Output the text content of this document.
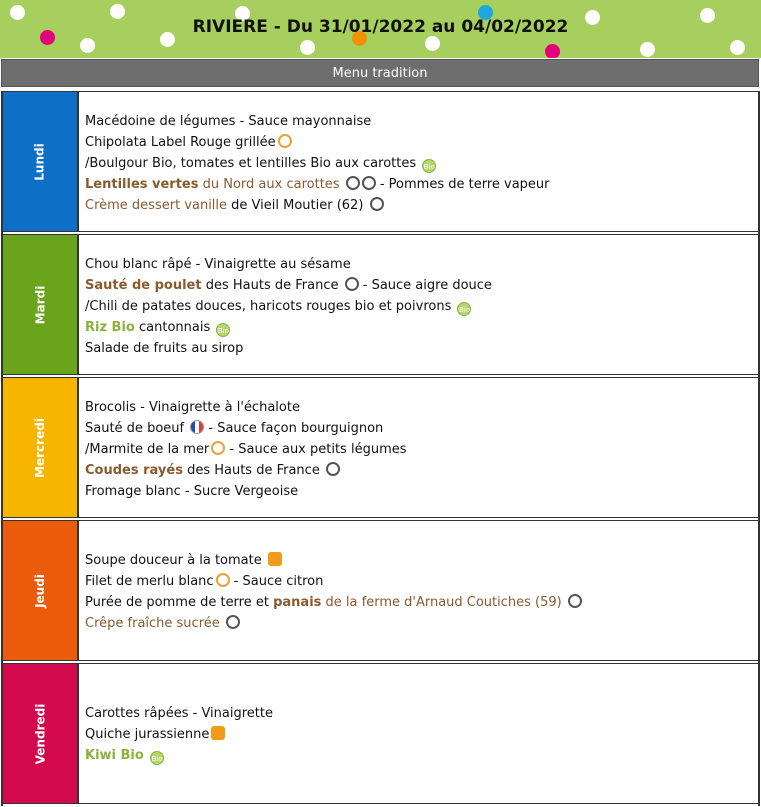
RIVIERE - Du 31/01/2022 au 04/02/2022
Menu tradition
Lundi
Macédoine de légumes - Sauce mayonnaise
Chipolata Label Rouge grillée
/Boulgour Bio, tomates et lentilles Bio aux carottes Bio
Lentilles vertes du Nord aux carottes	- Pommes de terre vapeur
Crème dessert vanille de Vieil Moutier (62)
Mardi
Chou blanc râpé - Vinaigrette au sésame
Sauté de poulet des Hauts de France  - Sauce aigre douce
/Chili de patates douces, haricots rouges bio et poivrons Bio
Riz Bio cantonnais Bio
Salade de fruits au sirop
Mercredi
Brocolis - Vinaigrette à l'échalote
Sauté de boeuf  - Sauce façon bourguignon
/Marmite de la mer - Sauce aux petits légumes
Coudes rayés des Hauts de France
Fromage blanc - Sucre Vergeoise
Jeudi
Soupe douceur à la tomate
Filet de merlu blanc - Sauce citron
Purée de pomme de terre et panais de la ferme d'Arnaud Coutiches (59)
Crêpe fraîche sucrée
Vendredi	Carottes râpées - Vinaigrette
Quiche jurassienne
Kiwi Bio Bio
